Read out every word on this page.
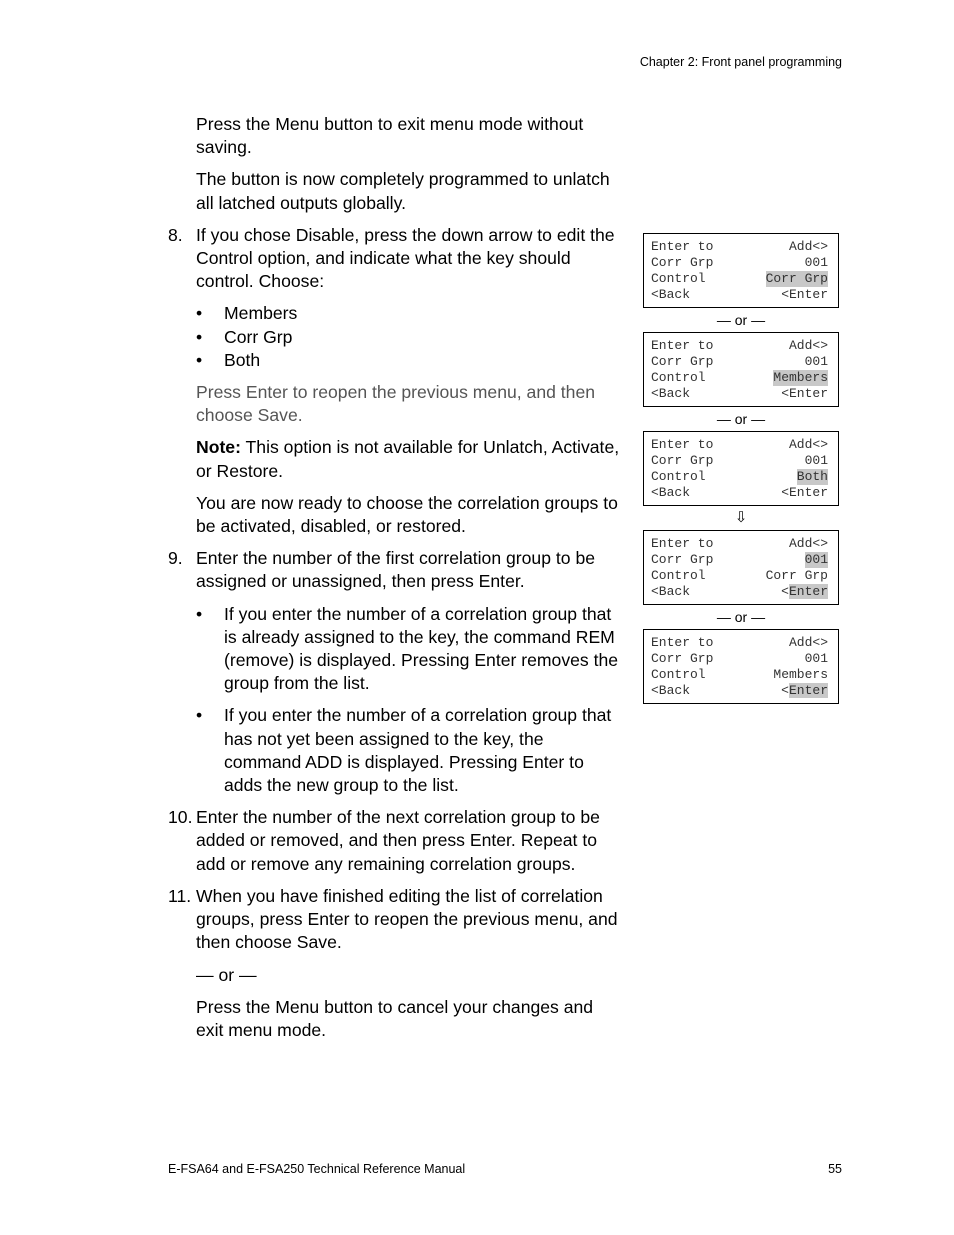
Chapter 2: Front panel programming

Press the Menu button to exit menu mode without saving.

The button is now completely programmed to unlatch all latched outputs globally.

8. If you chose Disable, press the down arrow to edit the Control option, and indicate what the key should control. Choose:
•	Members
•	Corr Grp
•	Both

Press Enter to reopen the previous menu, and then choose Save.

Note: This option is not available for Unlatch, Activate, or Restore.

You are now ready to choose the correlation groups to be activated, disabled, or restored.

9. Enter the number of the first correlation group to be assigned or unassigned, then press Enter.
•	If you enter the number of a correlation group that is already assigned to the key, the command REM (remove) is displayed. Pressing Enter removes the group from the list.
•	If you enter the number of a correlation group that has not yet been assigned to the key, the command ADD is displayed. Pressing Enter to adds the new group to the list.
10. Enter the number of the next correlation group to be added or removed, and then press Enter. Repeat to add or remove any remaining correlation groups.
11. When you have finished editing the list of correlation groups, press Enter to reopen the previous menu, and then choose Save.

— or —

Press the Menu button to cancel your changes and exit menu mode.

Enter to	Add<>
Corr Grp	001
Control	Corr Grp
<Back	<Enter
— or —
Enter to	Add<>
Corr Grp	001
Control	Members
<Back	<Enter
— or —
Enter to	Add<>
Corr Grp	001
Control	Both
<Back	<Enter
⇩
Enter to	Add<>
Corr Grp	001
Control	Corr Grp
<Back	<Enter
— or —
Enter to	Add<>
Corr Grp	001
Control	Members
<Back	<Enter
E-FSA64 and E-FSA250 Technical Reference Manual	55
